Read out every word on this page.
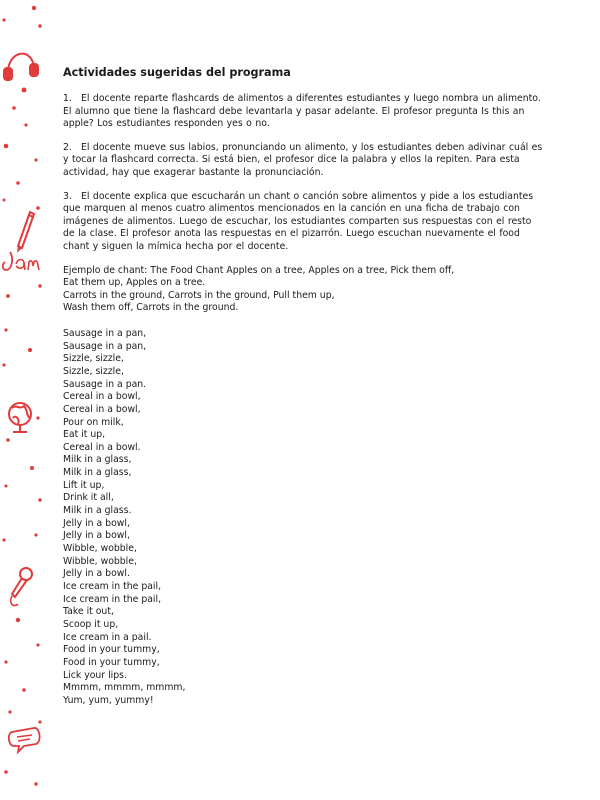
Actividades sugeridas del programa

1. El docente reparte flashcards de alimentos a diferentes estudiantes y luego nombra un alimento. El alumno que tiene la flashcard debe levantarla y pasar adelante. El profesor pregunta Is this an apple? Los estudiantes responden yes o no.

2. El docente mueve sus labios, pronunciando un alimento, y los estudiantes deben adivinar cuál es y tocar la flashcard correcta. Si está bien, el profesor dice la palabra y ellos la repiten. Para esta actividad, hay que exagerar bastante la pronunciación.

3. El docente explica que escucharán un chant o canción sobre alimentos y pide a los estudiantes que marquen al menos cuatro alimentos mencionados en la canción en una ficha de trabajo con imágenes de alimentos. Luego de escuchar, los estudiantes comparten sus respuestas con el resto de la clase. El profesor anota las respuestas en el pizarrón. Luego escuchan nuevamente el food chant y siguen la mímica hecha por el docente.

Ejemplo de chant: The Food Chant Apples on a tree, Apples on a tree, Pick them off,
Eat them up, Apples on a tree.
Carrots in the ground, Carrots in the ground, Pull them up,
Wash them off, Carrots in the ground.
Sausage in a pan,
Sausage in a pan,
Sizzle, sizzle,
Sizzle, sizzle,
Sausage in a pan.
Cereal in a bowl,
Cereal in a bowl,
Pour on milk,
Eat it up,
Cereal in a bowl.
Milk in a glass,
Milk in a glass,
Lift it up,
Drink it all,
Milk in a glass.
Jelly in a bowl,
Jelly in a bowl,
Wibble, wobble,
Wibble, wobble,
Jelly in a bowl.
Ice cream in the pail,
Ice cream in the pail,
Take it out,
Scoop it up,
Ice cream in a pail.
Food in your tummy,
Food in your tummy,
Lick your lips.
Mmmm, mmmm, mmmm,
Yum, yum, yummy!
